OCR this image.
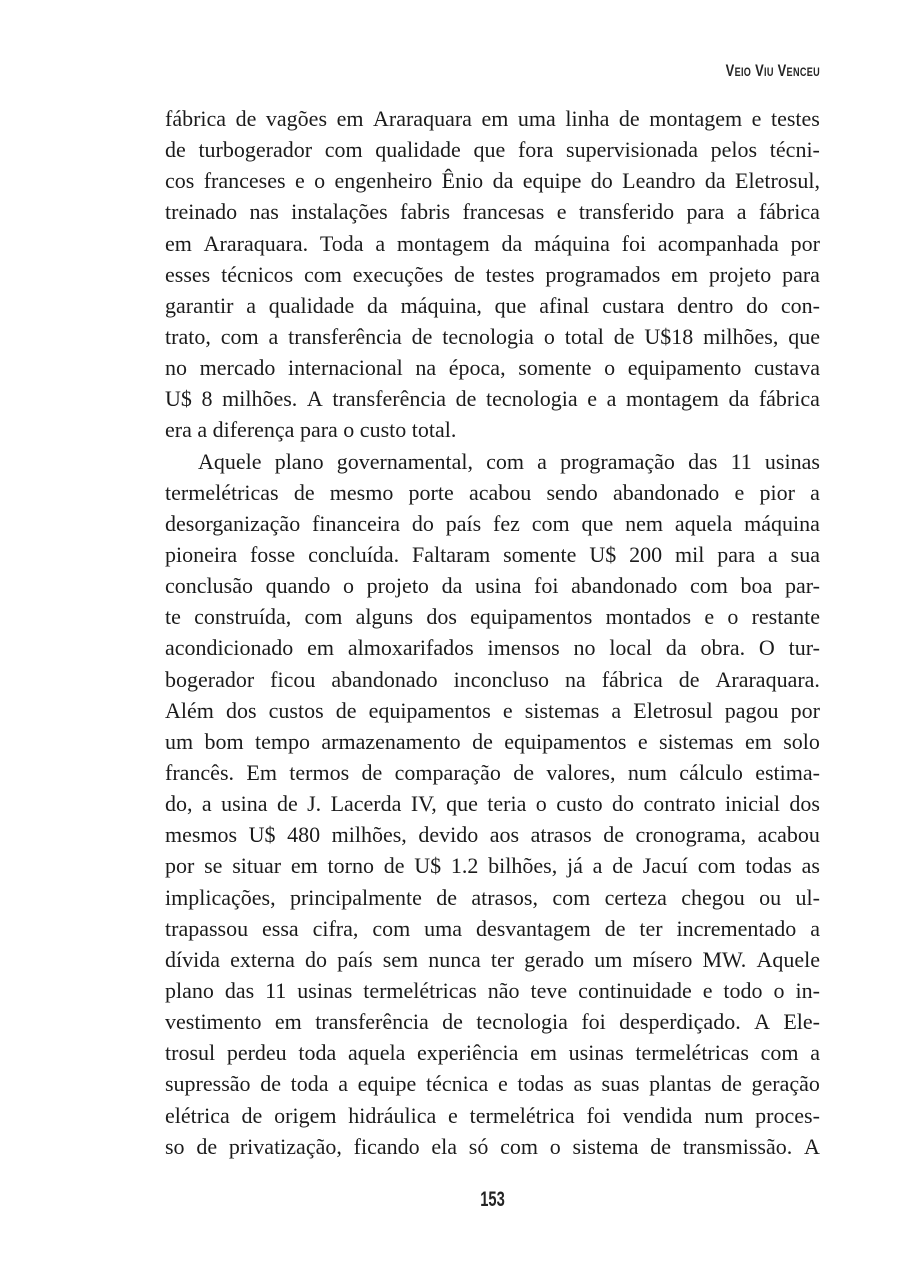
Veio Viu Venceu
fábrica de vagões em Araraquara em uma linha de montagem e testes
de turbogerador com qualidade que fora supervisionada pelos técni-
cos franceses e o engenheiro Ênio da equipe do Leandro da Eletrosul,
treinado nas instalações fabris francesas e transferido para a fábrica
em Araraquara. Toda a montagem da máquina foi acompanhada por
esses técnicos com execuções de testes programados em projeto para
garantir a qualidade da máquina, que afinal custara dentro do con-
trato, com a transferência de tecnologia o total de U$18 milhões, que
no mercado internacional na época, somente o equipamento custava
U$ 8 milhões. A transferência de tecnologia e a montagem da fábrica
era a diferença para o custo total.
Aquele plano governamental, com a programação das 11 usinas
termelétricas de mesmo porte acabou sendo abandonado e pior a
desorganização financeira do país fez com que nem aquela máquina
pioneira fosse concluída. Faltaram somente U$ 200 mil para a sua
conclusão quando o projeto da usina foi abandonado com boa par-
te construída, com alguns dos equipamentos montados e o restante
acondicionado em almoxarifados imensos no local da obra. O tur-
bogerador ficou abandonado inconcluso na fábrica de Araraquara.
Além dos custos de equipamentos e sistemas a Eletrosul pagou por
um bom tempo armazenamento de equipamentos e sistemas em solo
francês. Em termos de comparação de valores, num cálculo estima-
do, a usina de J. Lacerda IV, que teria o custo do contrato inicial dos
mesmos U$ 480 milhões, devido aos atrasos de cronograma, acabou
por se situar em torno de U$ 1.2 bilhões, já a de Jacuí com todas as
implicações, principalmente de atrasos, com certeza chegou ou ul-
trapassou essa cifra, com uma desvantagem de ter incrementado a
dívida externa do país sem nunca ter gerado um mísero MW. Aquele
plano das 11 usinas termelétricas não teve continuidade e todo o in-
vestimento em transferência de tecnologia foi desperdiçado. A Ele-
trosul perdeu toda aquela experiência em usinas termelétricas com a
supressão de toda a equipe técnica e todas as suas plantas de geração
elétrica de origem hidráulica e termelétrica foi vendida num proces-
so de privatização, ficando ela só com o sistema de transmissão. A
153
